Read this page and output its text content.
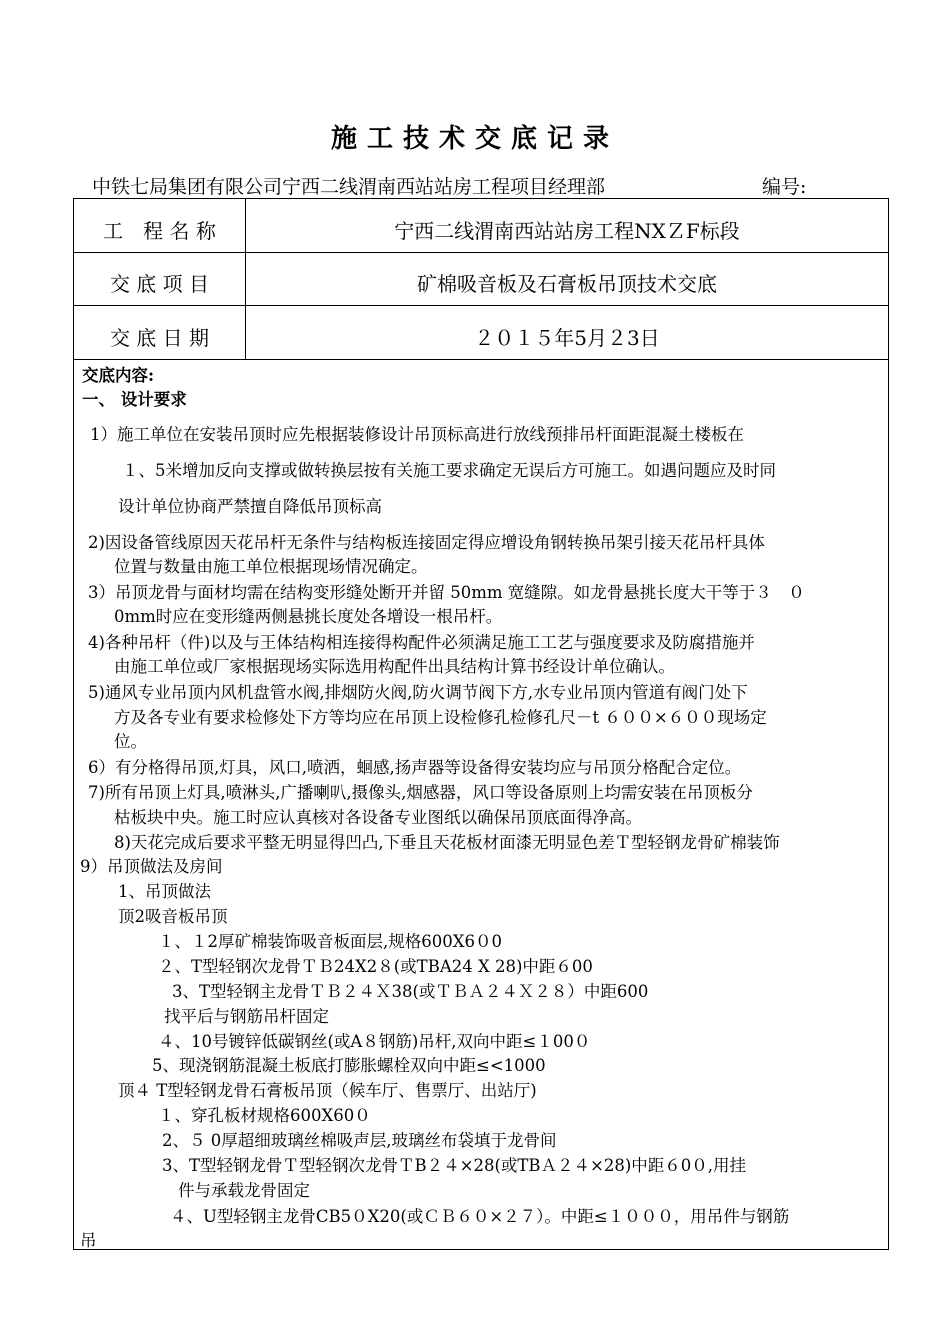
施工技术交底记录
中铁七局集团有限公司宁西二线渭南西站站房工程项目经理部	编号:
工　程 名 称	宁西二线渭南西站站房工程NXＺF标段
交 底 项 目	矿棉吸音板及石膏板吊顶技术交底
交 底 日 期	２０１５年5月２3日
交底内容:
一、 设计要求
1）施工单位在安装吊顶时应先根据装修设计吊顶标高进行放线预排吊杆面距混凝土楼板在
１、5米增加反向支撑或做转换层按有关施工要求确定无误后方可施工。如遇问题应及时同
设计单位协商严禁擅自降低吊顶标高
2)因设备管线原因天花吊杆无条件与结构板连接固定得应增设角钢转换吊架引接天花吊杆具体
位置与数量由施工单位根据现场情况确定。
3）吊顶龙骨与面材均需在结构变形缝处断开并留 50mm 宽缝隙。如龙骨悬挑长度大干等于３　０
0mm时应在变形缝两侧悬挑长度处各增设一根吊杆。
4)各种吊杆（件)以及与王体结构相连接得构配件必须满足施工工艺与强度要求及防腐措施并
由施工单位或厂家根据现场实际选用构配件出具结构计算书经设计单位确认。
5)通风专业吊顶内风机盘管水阀,排烟防火阀,防火调节阀下方,水专业吊顶内管道有阀门处下
方及各专业有要求检修处下方等均应在吊顶上设检修孔检修孔尺－t ６００×６００现场定
位。
6）有分格得吊顶,灯具，风口,喷洒，蛔感,扬声器等设备得安装均应与吊顶分格配合定位。
7)所有吊顶上灯具,喷淋头,广播喇叭,摄像头,烟感器，风口等设备原则上均需安装在吊顶板分
枯板块中央。施工时应认真核对各设备专业图纸以确保吊顶底面得净高。
8)天花完成后要求平整无明显得凹凸,下垂且天花板材面漆无明显色差Ｔ型轻钢龙骨矿棉装饰
9）吊顶做法及房间
1、吊顶做法
顶2吸音板吊顶
１、１2厚矿棉装饰吸音板面层,规格600X6０0
２、T型轻钢次龙骨ＴＢ24X2８(或TBA24 X 28)中距６00
3、T型轻钢主龙骨ＴＢ２４Ｘ38(或ＴＢＡ２４Ｘ２８）中距600
找平后与钢筋吊杆固定
４、10号镀锌低碳钢丝(或A８钢筋)吊杆,双向中距≤１00０
5、现浇钢筋混凝土板底打膨胀螺栓双向中距≤<1000
顶４ T型轻钢龙骨石膏板吊顶（候车厅、售票厅、出站厅)
１、穿孔板材规格600X60０
2、５ 0厚超细玻璃丝棉吸声层,玻璃丝布袋填于龙骨间
3、T型轻钢龙骨Ｔ型轻钢次龙骨ＴB２４×28(或TBＡ２４×28)中距６0０,用挂
件与承载龙骨固定
４、U型轻钢主龙骨CB5０X20(或ＣＢ６０×２７）。中距≤１０００，用吊件与钢筋
吊
